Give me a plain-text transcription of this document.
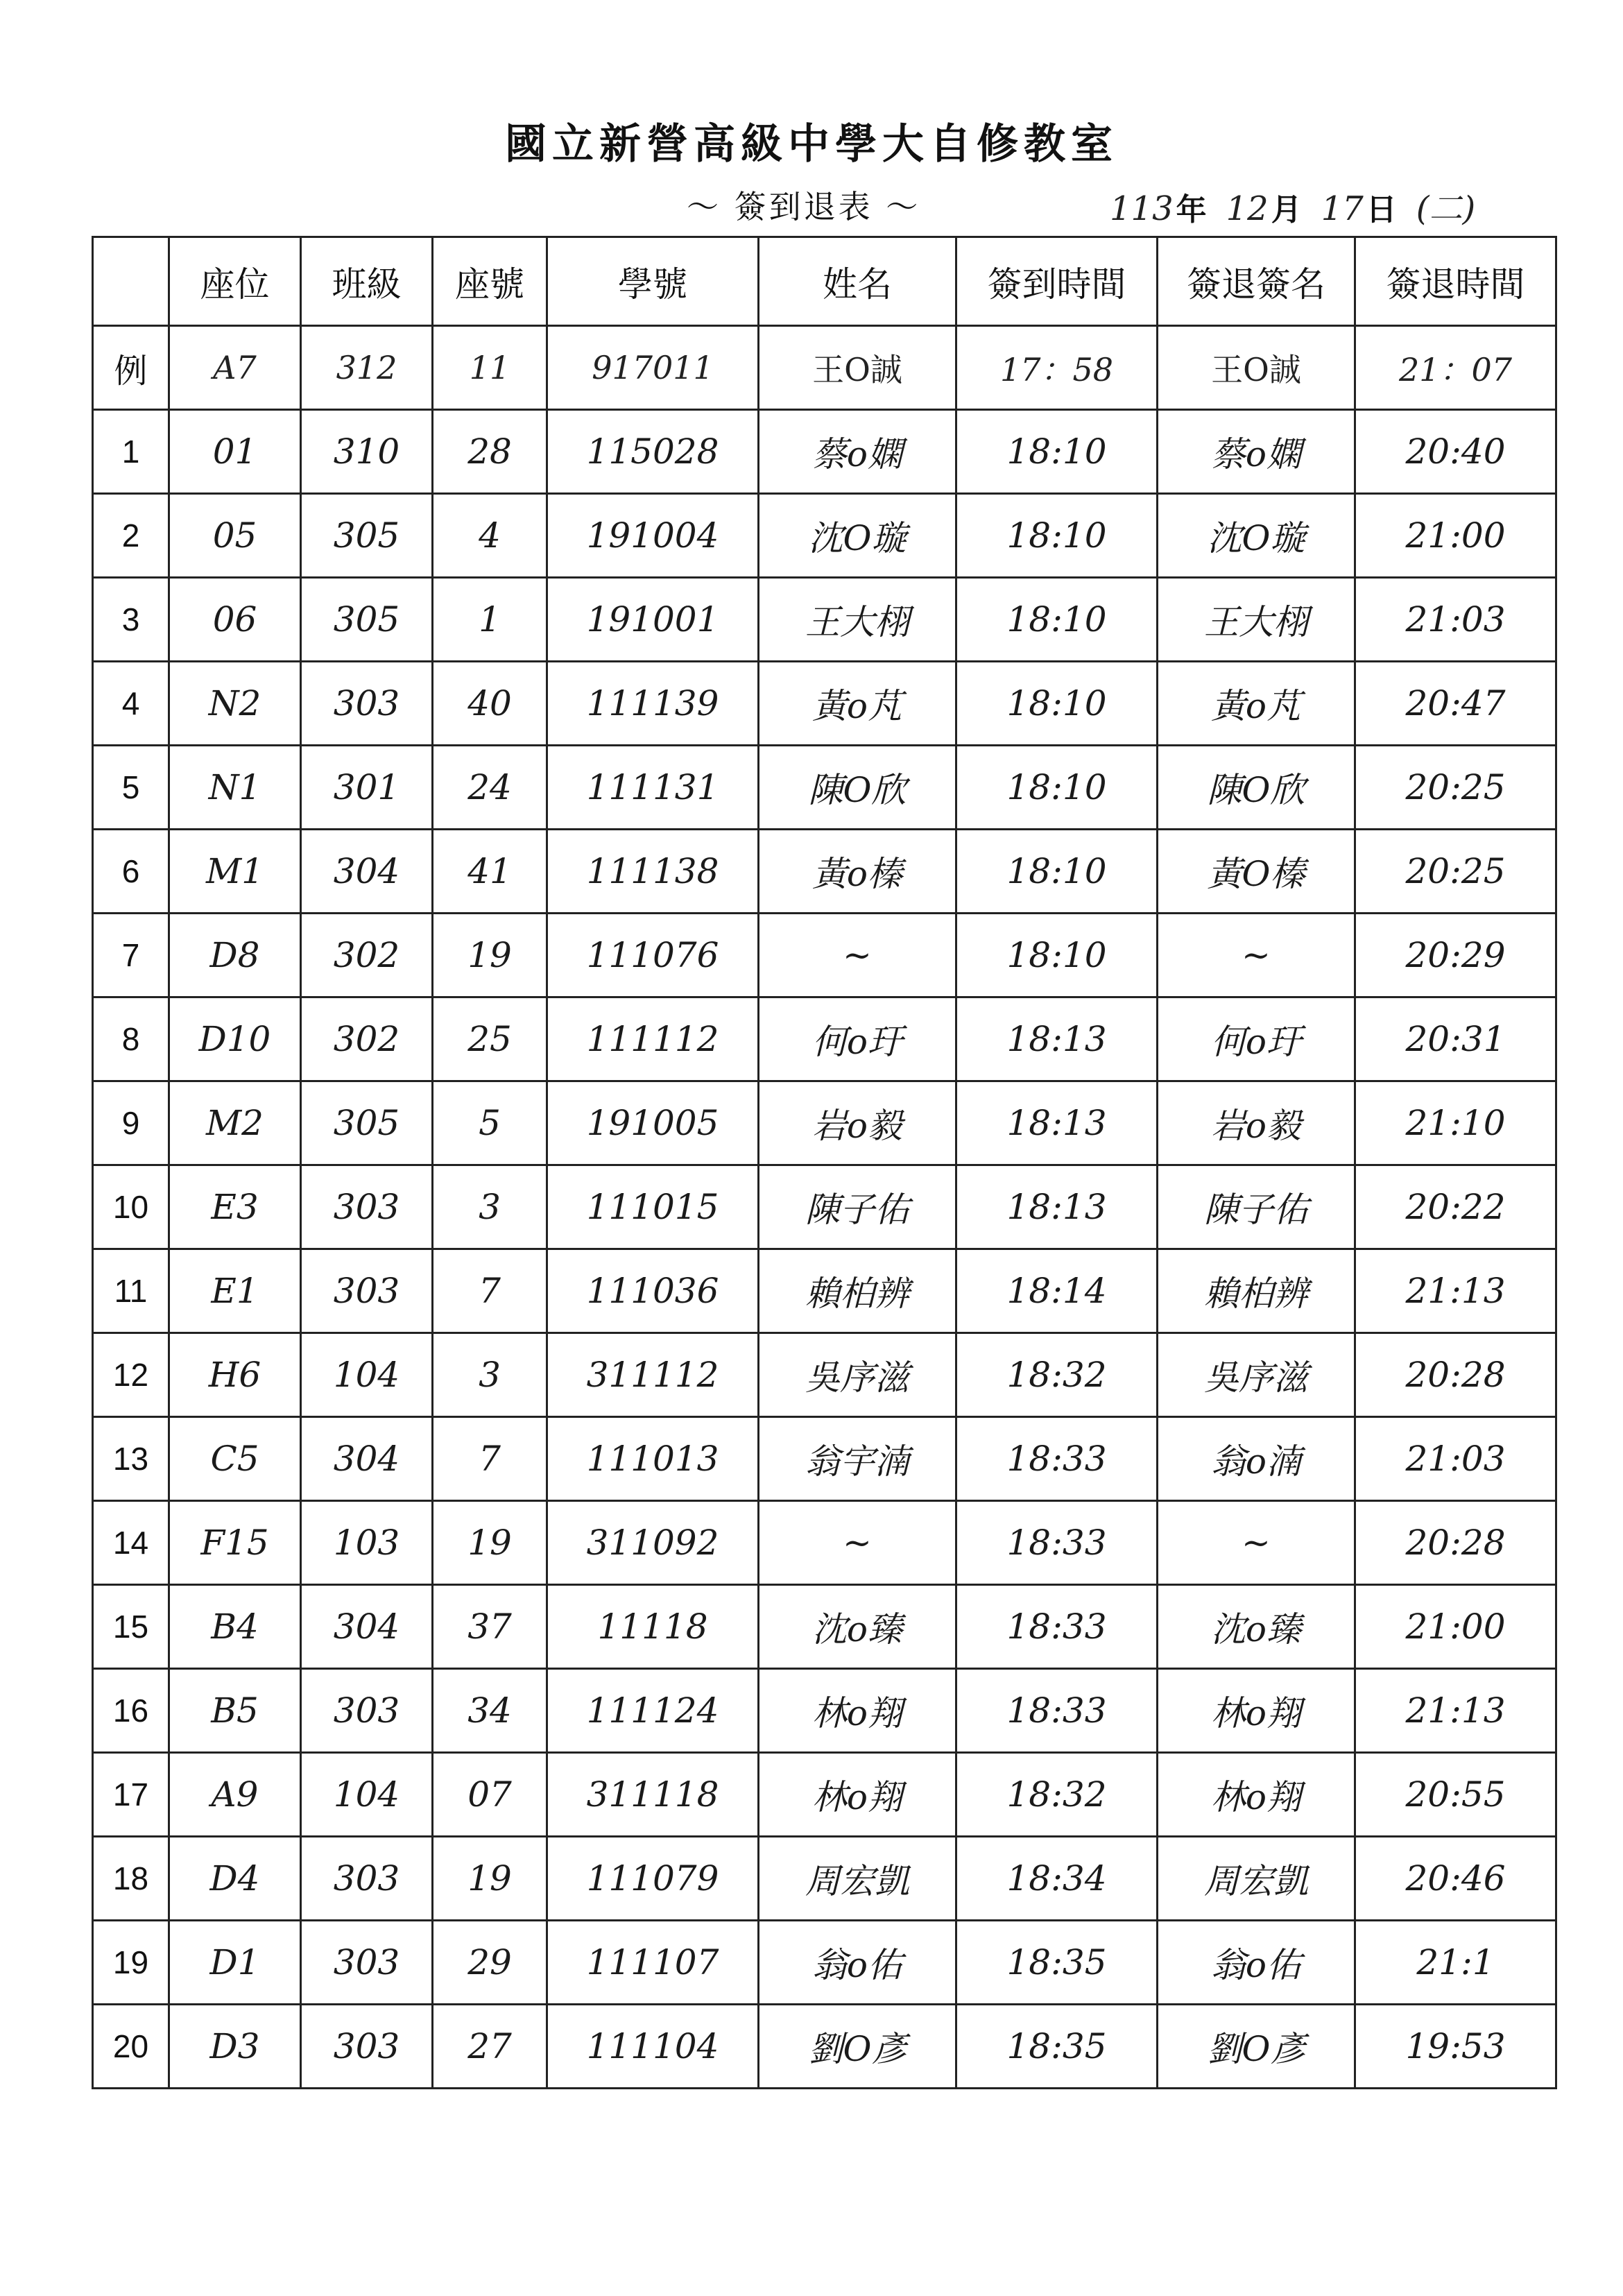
國立新營高級中學大自修教室
～ 簽到退表 ～	113年 12月 17日 (二)
	座位	班級	座號	學號	姓名	簽到時間	簽退簽名	簽退時間
例	A7	312	11	917011	王O誠	17：58	王O誠	21：07
1	01	310	28	115028	蔡o嫻	18:10	蔡o嫻	20:40
2	05	305	4	191004	沈O璇	18:10	沈O璇	21:00
3	06	305	1	191001	王大栩	18:10	王大栩	21:03
4	N2	303	40	111139	黃o芃	18:10	黃o芃	20:47
5	N1	301	24	111131	陳O欣	18:10	陳O欣	20:25
6	M1	304	41	111138	黃o榛	18:10	黃O榛	20:25
7	D8	302	19	111076	~	18:10	~	20:29
8	D10	302	25	111112	何o玗	18:13	何o玗	20:31
9	M2	305	5	191005	岩o毅	18:13	岩o毅	21:10
10	E3	303	3	111015	陳子佑	18:13	陳子佑	20:22
11	E1	303	7	111036	賴柏辨	18:14	賴柏辨	21:13
12	H6	104	3	311112	吳序滋	18:32	吳序滋	20:28
13	C5	304	7	111013	翁宇湳	18:33	翁o湳	21:03
14	F15	103	19	311092	~	18:33	~	20:28
15	B4	304	37	11118	沈o臻	18:33	沈o臻	21:00
16	B5	303	34	111124	林o翔	18:33	林o翔	21:13
17	A9	104	07	311118	林o翔	18:32	林o翔	20:55
18	D4	303	19	111079	周宏凱	18:34	周宏凱	20:46
19	D1	303	29	111107	翁o佑	18:35	翁o佑	21:1
20	D3	303	27	111104	劉O彥	18:35	劉O彥	19:53
